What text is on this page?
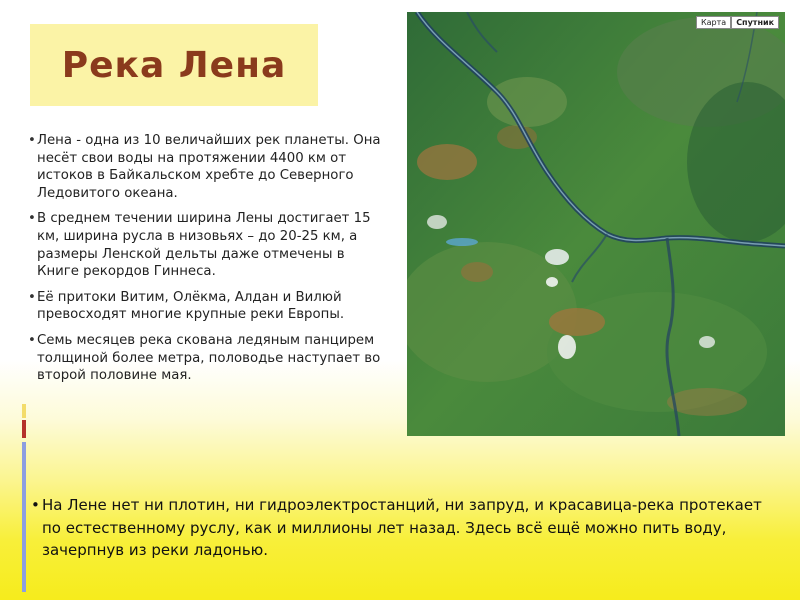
Река Лена
• Лена - одна из 10 величайших рек планеты. Она несёт свои воды на протяжении 4400 км от истоков в Байкальском хребте до Северного Ледовитого океана.
• В среднем течении ширина Лены достигает 15 км, ширина русла в низовьях – до 20-25 км, а размеры Ленской дельты даже отмечены в Книге рекордов Гиннеса.
• Её притоки Витим, Олёкма, Алдан и Вилюй превосходят многие крупные реки Европы.
• Семь месяцев река скована ледяным панцирем толщиной более метра, половодье наступает во второй половине мая.
Карта	Спутник
• На Лене нет ни плотин, ни гидроэлектростанций, ни запруд, и красавица-река протекает по естественному руслу, как и миллионы лет назад. Здесь всё ещё можно пить воду, зачерпнув из реки ладонью.
